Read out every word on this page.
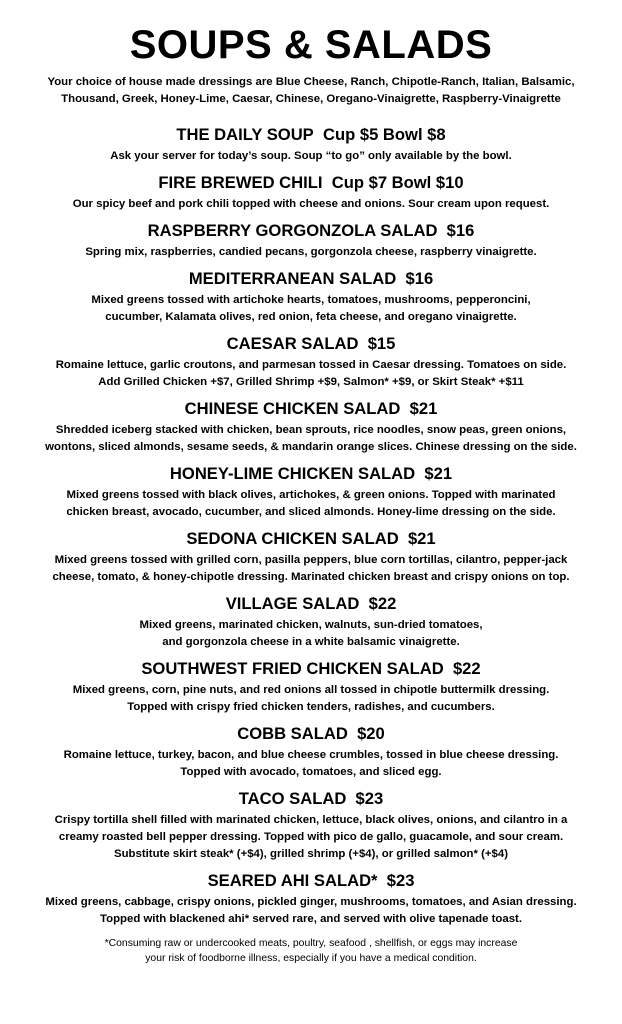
SOUPS & SALADS
Your choice of house made dressings are Blue Cheese, Ranch, Chipotle-Ranch, Italian, Balsamic,
Thousand, Greek, Honey-Lime, Caesar, Chinese, Oregano-Vinaigrette, Raspberry-Vinaigrette
THE DAILY SOUP Cup $5 Bowl $8
Ask your server for today’s soup. Soup “to go” only available by the bowl.
FIRE BREWED CHILI Cup $7 Bowl $10
Our spicy beef and pork chili topped with cheese and onions. Sour cream upon request.
RASPBERRY GORGONZOLA SALAD $16
Spring mix, raspberries, candied pecans, gorgonzola cheese, raspberry vinaigrette.
MEDITERRANEAN SALAD $16
Mixed greens tossed with artichoke hearts, tomatoes, mushrooms, pepperoncini,
cucumber, Kalamata olives, red onion, feta cheese, and oregano vinaigrette.
CAESAR SALAD $15
Romaine lettuce, garlic croutons, and parmesan tossed in Caesar dressing. Tomatoes on side.
Add Grilled Chicken +$7, Grilled Shrimp +$9, Salmon* +$9, or Skirt Steak* +$11
CHINESE CHICKEN SALAD $21
Shredded iceberg stacked with chicken, bean sprouts, rice noodles, snow peas, green onions,
wontons, sliced almonds, sesame seeds, & mandarin orange slices. Chinese dressing on the side.
HONEY-LIME CHICKEN SALAD $21
Mixed greens tossed with black olives, artichokes, & green onions. Topped with marinated
chicken breast, avocado, cucumber, and sliced almonds. Honey-lime dressing on the side.
SEDONA CHICKEN SALAD $21
Mixed greens tossed with grilled corn, pasilla peppers, blue corn tortillas, cilantro, pepper-jack
cheese, tomato, & honey-chipotle dressing. Marinated chicken breast and crispy onions on top.
VILLAGE SALAD $22
Mixed greens, marinated chicken, walnuts, sun-dried tomatoes,
and gorgonzola cheese in a white balsamic vinaigrette.
SOUTHWEST FRIED CHICKEN SALAD $22
Mixed greens, corn, pine nuts, and red onions all tossed in chipotle buttermilk dressing.
Topped with crispy fried chicken tenders, radishes, and cucumbers.
COBB SALAD $20
Romaine lettuce, turkey, bacon, and blue cheese crumbles, tossed in blue cheese dressing.
Topped with avocado, tomatoes, and sliced egg.
TACO SALAD $23
Crispy tortilla shell filled with marinated chicken, lettuce, black olives, onions, and cilantro in a
creamy roasted bell pepper dressing. Topped with pico de gallo, guacamole, and sour cream.
Substitute skirt steak* (+$4), grilled shrimp (+$4), or grilled salmon* (+$4)
SEARED AHI SALAD* $23
Mixed greens, cabbage, crispy onions, pickled ginger, mushrooms, tomatoes, and Asian dressing.
Topped with blackened ahi* served rare, and served with olive tapenade toast.
*Consuming raw or undercooked meats, poultry, seafood , shellfish, or eggs may increase
your risk of foodborne illness, especially if you have a medical condition.
